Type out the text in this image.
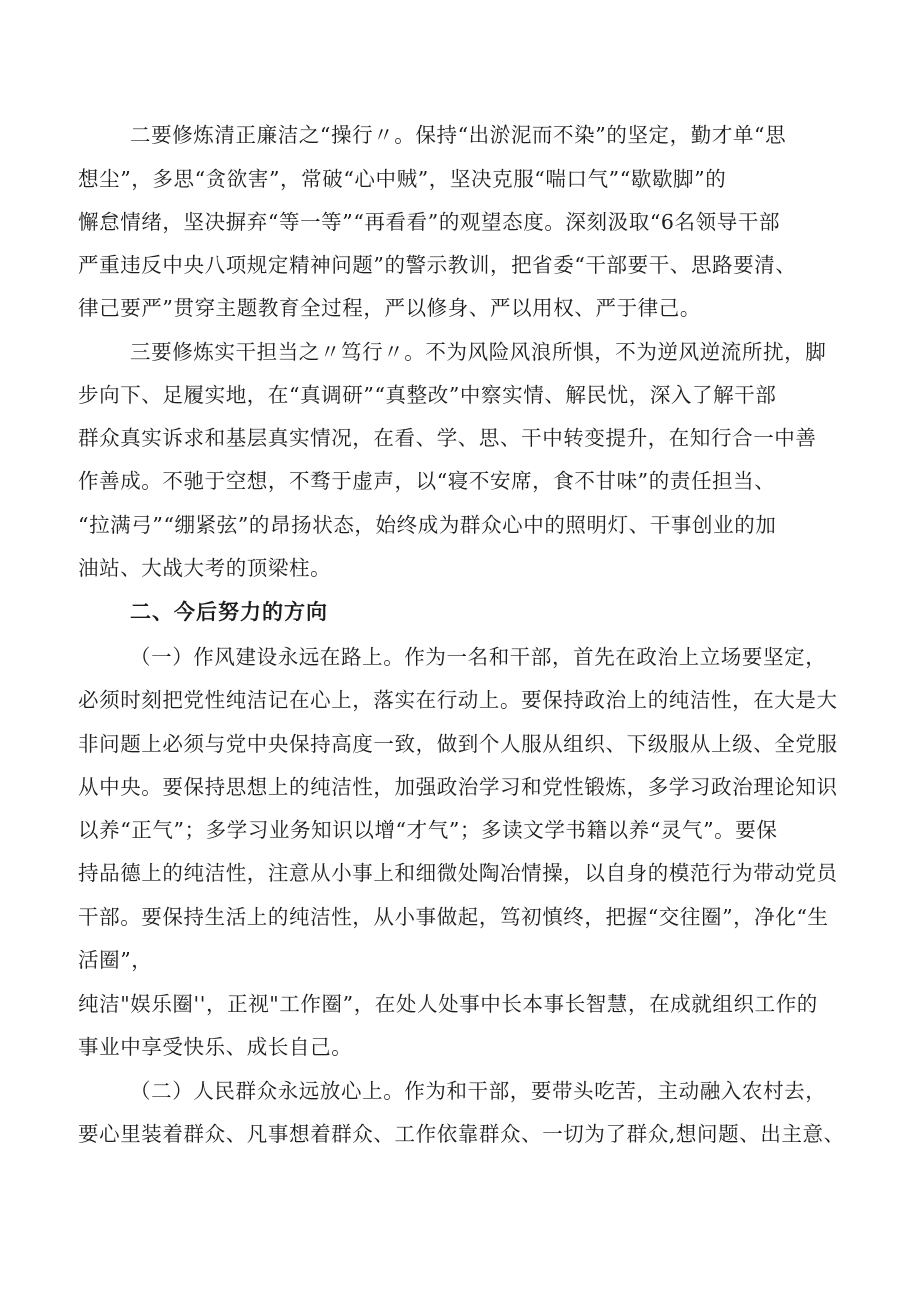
二要修炼清正廉洁之“操行〃。保持“出淤泥而不染”的坚定，勤才单“思
想尘”，多思“贪欲害”，常破“心中贼”，坚决克服“喘口气”“歇歇脚”的
懈怠情绪，坚决摒弃“等一等”“再看看”的观望态度。深刻汲取“6名领导干部
严重违反中央八项规定精神问题”的警示教训，把省委“干部要干、思路要清、
律己要严”贯穿主题教育全过程，严以修身、严以用权、严于律己。
三要修炼实干担当之〃笃行〃。不为风险风浪所惧，不为逆风逆流所扰，脚
步向下、足履实地，在“真调研”“真整改”中察实情、解民忧，深入了解干部
群众真实诉求和基层真实情况，在看、学、思、干中转变提升，在知行合一中善
作善成。不驰于空想，不骛于虚声，以“寝不安席，食不甘味”的责任担当、
“拉满弓”“绷紧弦”的昂扬状态，始终成为群众心中的照明灯、干事创业的加
油站、大战大考的顶梁柱。
二、今后努力的方向
（一）作风建设永远在路上。作为一名和干部，首先在政治上立场要坚定，
必须时刻把党性纯洁记在心上，落实在行动上。要保持政治上的纯洁性，在大是大
非问题上必须与党中央保持高度一致，做到个人服从组织、下级服从上级、全党服
从中央。要保持思想上的纯洁性，加强政治学习和党性锻炼，多学习政治理论知识
以养“正气”；多学习业务知识以增“才气”；多读文学书籍以养“灵气”。要保
持品德上的纯洁性，注意从小事上和细微处陶冶情操，以自身的模范行为带动党员
干部。要保持生活上的纯洁性，从小事做起，笃初慎终，把握“交往圈”，净化“生
活圈”，
纯洁"娱乐圈''，正视"工作圈”，在处人处事中长本事长智慧，在成就组织工作的
事业中享受快乐、成长自己。
（二）人民群众永远放心上。作为和干部，要带头吃苦，主动融入农村去，
要心里装着群众、凡事想着群众、工作依靠群众、一切为了群众,想问题、出主意、
